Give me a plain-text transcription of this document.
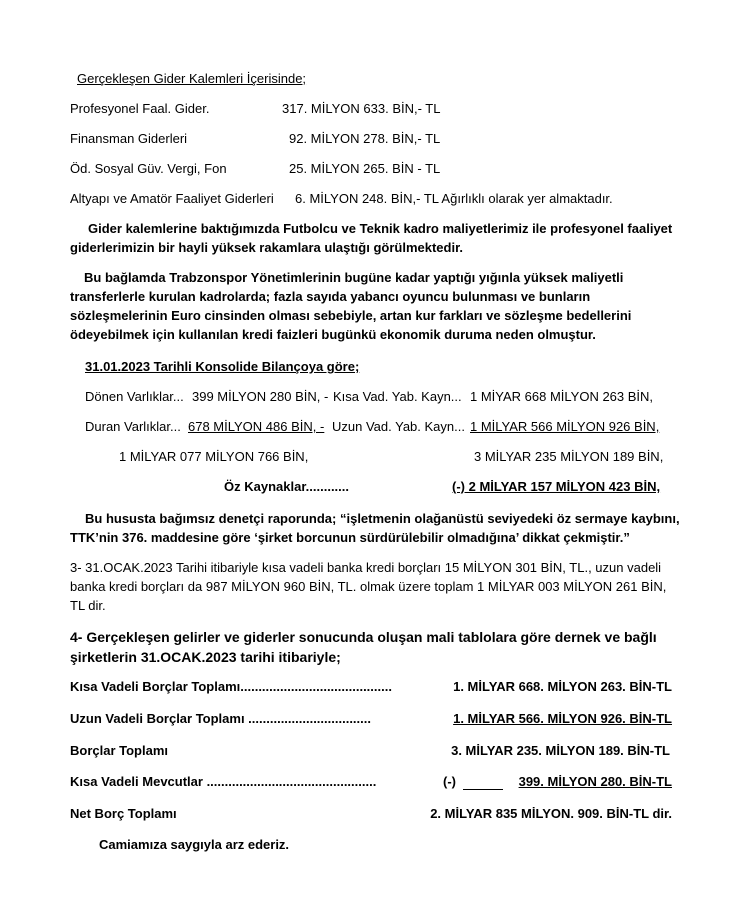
Gerçekleşen Gider Kalemleri İçerisinde;
Profesyonel Faal. Gider.	317. MİLYON 633. BİN,- TL
Finansman Giderleri	92. MİLYON 278. BİN,- TL
Öd. Sosyal Güv. Vergi, Fon	25. MİLYON 265. BİN - TL
Altyapı ve Amatör Faaliyet Giderleri 6. MİLYON 248. BİN,- TL Ağırlıklı olarak yer almaktadır.
Gider kalemlerine baktığımızda Futbolcu ve Teknik kadro maliyetlerimiz ile profesyonel faaliyet giderlerimizin bir hayli yüksek rakamlara ulaştığı görülmektedir.
Bu bağlamda Trabzonspor Yönetimlerinin bugüne kadar yaptığı yığınla yüksek maliyetli transferlerle kurulan kadrolarda; fazla sayıda yabancı oyuncu bulunması ve bunların sözleşmelerinin Euro cinsinden olması sebebiyle, artan kur farkları ve sözleşme bedellerini ödeyebilmek için kullanılan kredi faizleri bugünkü ekonomik duruma neden olmuştur.
31.01.2023 Tarihli Konsolide Bilançoya göre;
Dönen Varlıklar... 399 MİLYON 280 BİN, - Kısa Vad. Yab. Kayn... 1 MİYAR 668 MİLYON 263 BİN,
Duran Varlıklar... 678 MİLYON 486 BİN, - Uzun Vad. Yab. Kayn... 1 MİLYAR 566 MİLYON 926 BİN,
1 MİLYAR 077 MİLYON 766 BİN,	3 MİLYAR 235 MİLYON 189 BİN,
Öz Kaynaklar............	(-) 2 MİLYAR 157 MİLYON 423 BİN,
Bu hususta bağımsız denetçi raporunda; “işletmenin olağanüstü seviyedeki öz sermaye kaybını, TTK’nin 376. maddesine göre ‘şirket borcunun sürdürülebilir olmadığına’ dikkat çekmiştir.”
3- 31.OCAK.2023 Tarihi itibariyle kısa vadeli banka kredi borçları 15 MİLYON 301 BİN, TL., uzun vadeli banka kredi borçları da 987 MİLYON 960 BİN, TL. olmak üzere toplam 1 MİLYAR 003 MİLYON 261 BİN, TL dir.
4- Gerçekleşen gelirler ve giderler sonucunda oluşan mali tablolara göre dernek ve bağlı şirketlerin 31.OCAK.2023 tarihi itibariyle;
Kısa Vadeli Borçlar Toplamı..........................................	1. MİLYAR 668. MİLYON 263. BİN-TL
Uzun Vadeli Borçlar Toplamı ..................................	1. MİLYAR 566. MİLYON 926. BİN-TL
Borçlar Toplamı	3. MİLYAR 235. MİLYON 189. BİN-TL
Kısa Vadeli Mevcutlar ...............................................	(-)	399. MİLYON 280. BİN-TL
Net Borç Toplamı	2. MİLYAR 835 MİLYON. 909. BİN-TL dir.
Camiamıza saygıyla arz ederiz.
